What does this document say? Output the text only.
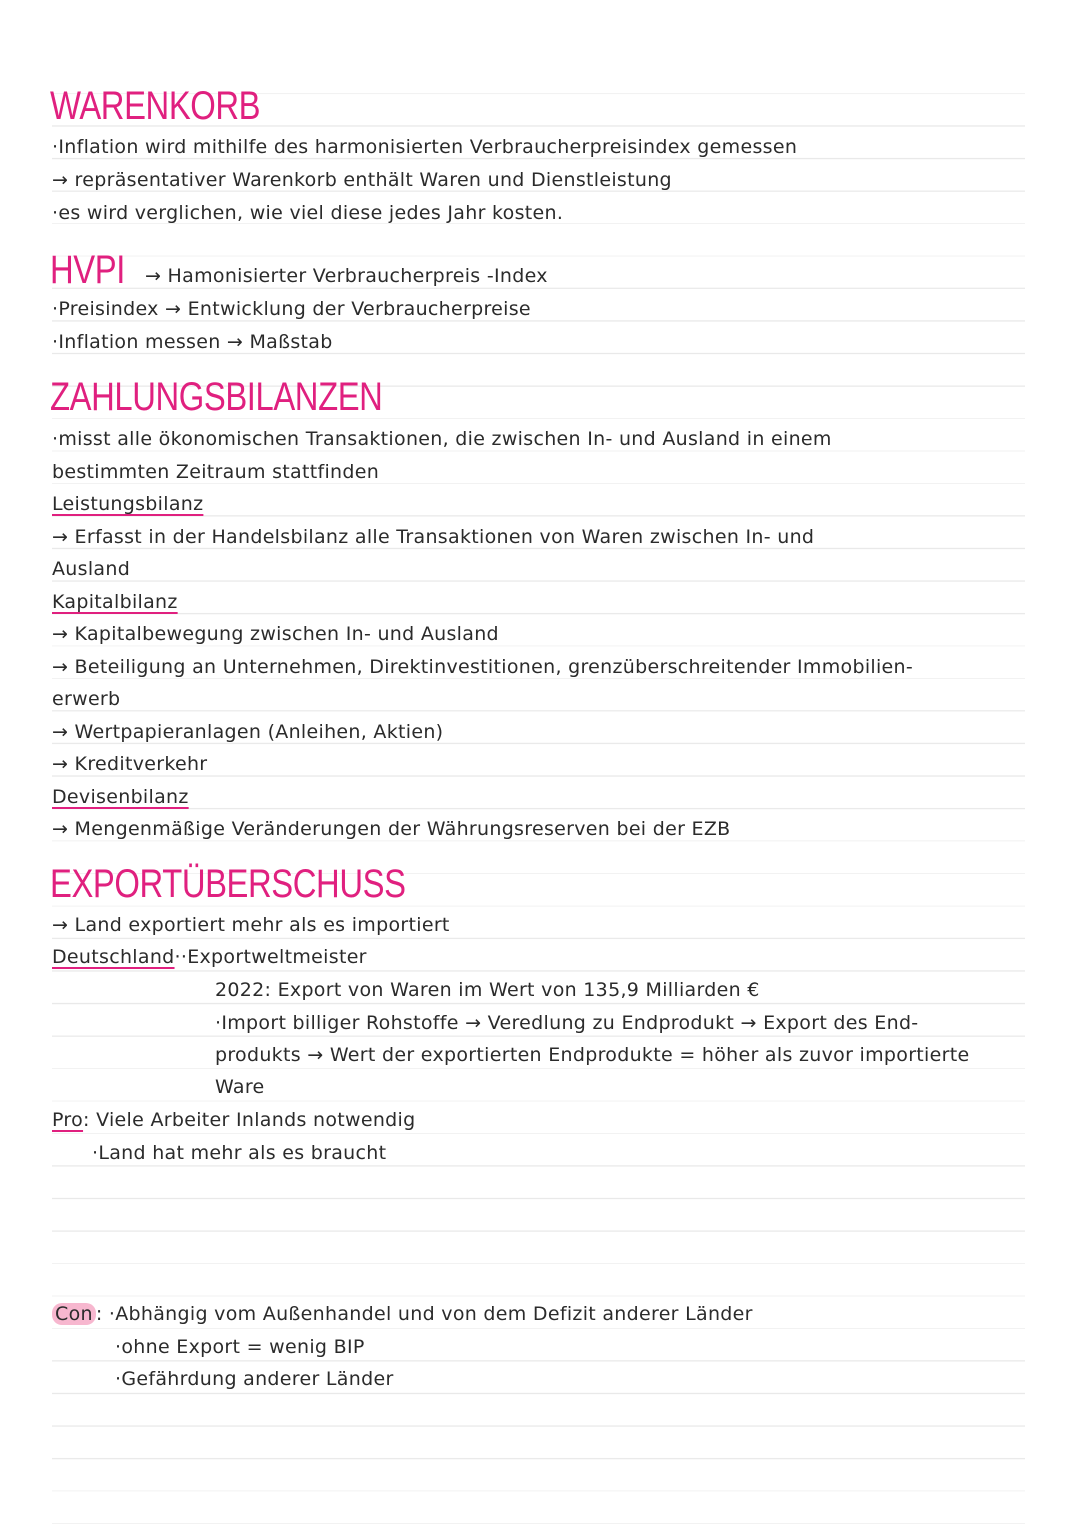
WARENKORB
·Inflation wird mithilfe des harmonisierten Verbraucherpreisindex gemessen
→ repräsentativer Warenkorb enthält Waren und Dienstleistung
·es wird verglichen, wie viel diese jedes Jahr kosten.
HVPI → Hamonisierter Verbraucherpreis -Index
·Preisindex → Entwicklung der Verbraucherpreise
·Inflation messen → Maßstab
ZAHLUNGSBILANZEN
·misst alle ökonomischen Transaktionen, die zwischen In- und Ausland in einem
bestimmten Zeitraum stattfinden
Leistungsbilanz
→ Erfasst in der Handelsbilanz alle Transaktionen von Waren zwischen In- und
Ausland
Kapitalbilanz
→ Kapitalbewegung zwischen In- und Ausland
→ Beteiligung an Unternehmen, Direktinvestitionen, grenzüberschreitender Immobilien-
erwerb
→ Wertpapieranlagen (Anleihen, Aktien)
→ Kreditverkehr
Devisenbilanz
→ Mengenmäßige Veränderungen der Währungsreserven bei der EZB
EXPORTÜBERSCHUSS
→ Land exportiert mehr als es importiert
Deutschland··Exportweltmeister
2022: Export von Waren im Wert von 135,9 Milliarden €
·Import billiger Rohstoffe → Veredlung zu Endprodukt → Export des End-
produkts → Wert der exportierten Endprodukte = höher als zuvor importierte
Ware
Pro: Viele Arbeiter Inlands notwendig
·Land hat mehr als es braucht
Con : ·Abhängig vom Außenhandel und von dem Defizit anderer Länder
·ohne Export = wenig BIP
·Gefährdung anderer Länder
